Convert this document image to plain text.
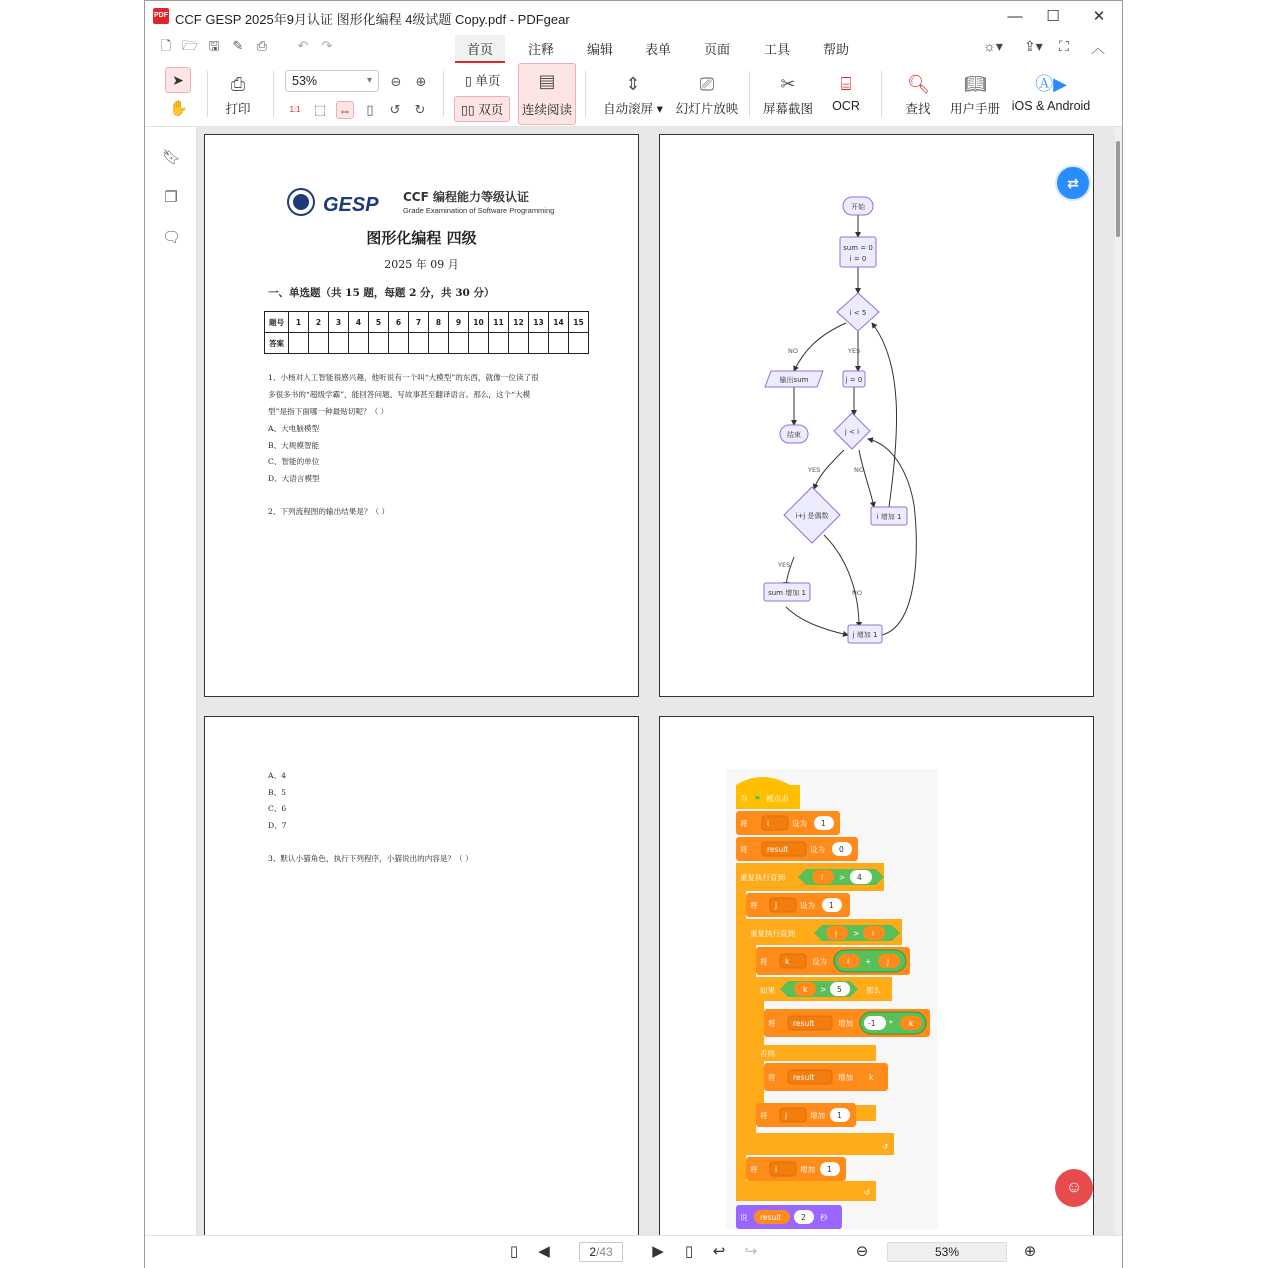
PDF CCF GESP 2025年9月认证 图形化编程 4级试题 Copy.pdf - PDFgear	—	☐	✕
🗋 🗁 🖫 ✎ ⎙ ↶ ↷	首页	注释	编辑 表单	页面	工具	帮助	☼▾ ⇪▾ ⛶ ︿
➤
✋
⎙
打印
53%	▾ ⊖ ⊕
1:1 ⬚ ⇔	▯	↺ ↻
▯ 单页
▯▯ 双页
▤
连续阅读
⇕
自动滚屏 ▾
⎚
幻灯片放映
✂
屏幕截图
⌸
OCR
🔍︎
查找
📖︎
用户手册
Ⓐ▶
iOS & Android
🔖︎
❐
🗨︎
GESP CCF 编程能力等级认证
Grade Examination of Software Programming
图形化编程 四级
2025 年 09 月
一、单选题（共 15 题，每题 2 分，共 30 分）
题号	1	2	3	4	5	6	7	8	9	10	11	12	13	14	15
答案															
1、小杨对人工智能很感兴趣，他听说有一个叫“大模型”的东西，就像一位读了很
多很多书的“超级学霸”，能回答问题、写故事甚至翻译语言。那么，这个“大模
型”是指下面哪一种最贴切呢？（ ）
A、大电脑模型
B、大规模智能
C、智能的单位
D、大语言模型
2、下列流程图的输出结果是？（ ）
NO	YES
YES	NO
YES
NO
开始
sum = 0
i = 0
i < 5
输出sum	j = 0
结束	j < i
i 增加 1
i+j 是偶数
sum 增加 1
j 增加 1
A、4
B、5
C、6
D、7
3、默认小猫角色，执行下列程序，小猫说出的内容是？（ ）
当 ⚑ 被点击
将	i	设为 1
将	result	设为 0
重复执行直到	i > 4
将 j	设为 1
重复执行直到	j > i
将 k	设为	i + j
如果	k > 5	那么
将 result	增加 -1 * k
否则
将 result	增加 k
将 j	增加 1
↺
将 i	增加 1
↺
说 result	2 秒
⇄
☺
▯	◀	2/43	▶	▯	↩ ↪	⊖	53%	⊕
